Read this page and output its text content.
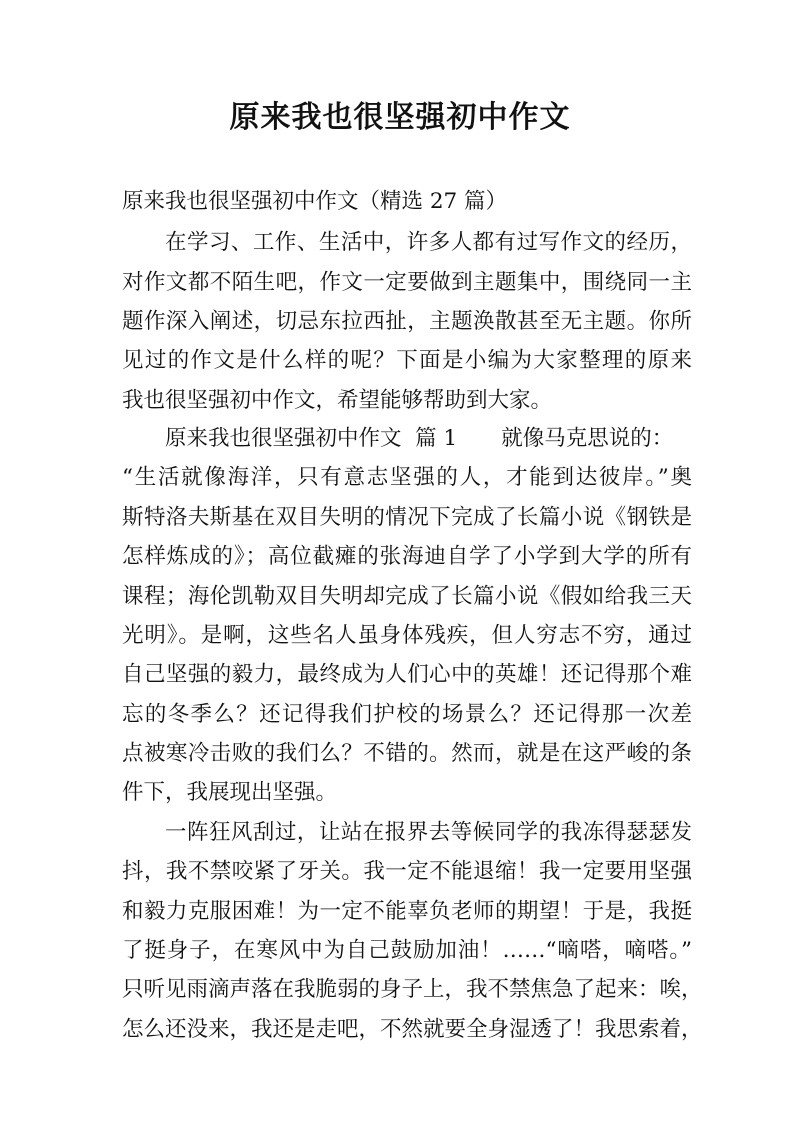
原来我也很坚强初中作文

原来我也很坚强初中作文（精选 27 篇）

在学习、工作、生活中，许多人都有过写作文的经历，

对作文都不陌生吧，作文一定要做到主题集中，围绕同一主

题作深入阐述，切忌东拉西扯，主题涣散甚至无主题。你所

见过的作文是什么样的呢？下面是小编为大家整理的原来

我也很坚强初中作文，希望能够帮助到大家。

原来我也很坚强初中作文  篇 1 就像马克思说的：

“生活就像海洋，只有意志坚强的人，才能到达彼岸。”奥

斯特洛夫斯基在双目失明的情况下完成了长篇小说《钢铁是

怎样炼成的》；高位截瘫的张海迪自学了小学到大学的所有

课程；海伦凯勒双目失明却完成了长篇小说《假如给我三天

光明》。是啊，这些名人虽身体残疾，但人穷志不穷，通过

自己坚强的毅力，最终成为人们心中的英雄！还记得那个难

忘的冬季么？还记得我们护校的场景么？还记得那一次差

点被寒冷击败的我们么？不错的。然而，就是在这严峻的条

件下，我展现出坚强。

一阵狂风刮过，让站在报界去等候同学的我冻得瑟瑟发

抖，我不禁咬紧了牙关。我一定不能退缩！我一定要用坚强

和毅力克服困难！为一定不能辜负老师的期望！于是，我挺

了挺身子，在寒风中为自己鼓励加油！……“嘀嗒，嘀嗒。”

只听见雨滴声落在我脆弱的身子上，我不禁焦急了起来：唉，

怎么还没来，我还是走吧，不然就要全身湿透了！我思索着，
